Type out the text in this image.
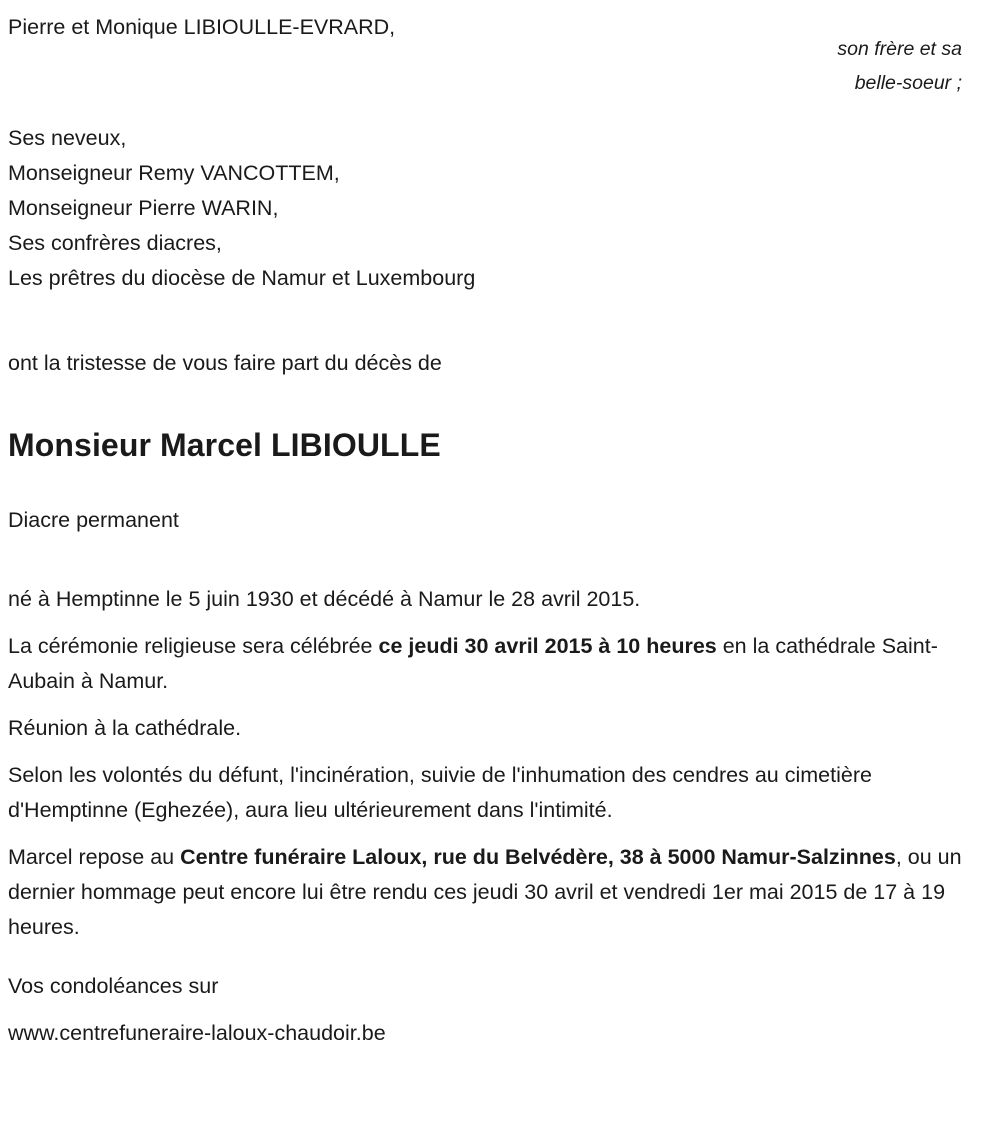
Pierre et Monique LIBIOULLE-EVRARD,
son frère et sa
belle-soeur ;
Ses neveux,
Monseigneur Remy VANCOTTEM,
Monseigneur Pierre WARIN,
Ses confrères diacres,
Les prêtres du diocèse de Namur et Luxembourg
ont la tristesse de vous faire part du décès de
Monsieur Marcel LIBIOULLE
Diacre permanent

né à Hemptinne le 5 juin 1930 et décédé à Namur le 28 avril 2015.

La cérémonie religieuse sera célébrée ce jeudi 30 avril 2015 à 10 heures en la cathédrale Saint-Aubain à Namur.

Réunion à la cathédrale.

Selon les volontés du défunt, l'incinération, suivie de l'inhumation des cendres au cimetière d'Hemptinne (Eghezée), aura lieu ultérieurement dans l'intimité.

Marcel repose au Centre funéraire Laloux, rue du Belvédère, 38 à 5000 Namur-Salzinnes, ou un dernier hommage peut encore lui être rendu ces jeudi 30 avril et vendredi 1er mai 2015 de 17 à 19 heures.

Vos condoléances sur

www.centrefuneraire-laloux-chaudoir.be
